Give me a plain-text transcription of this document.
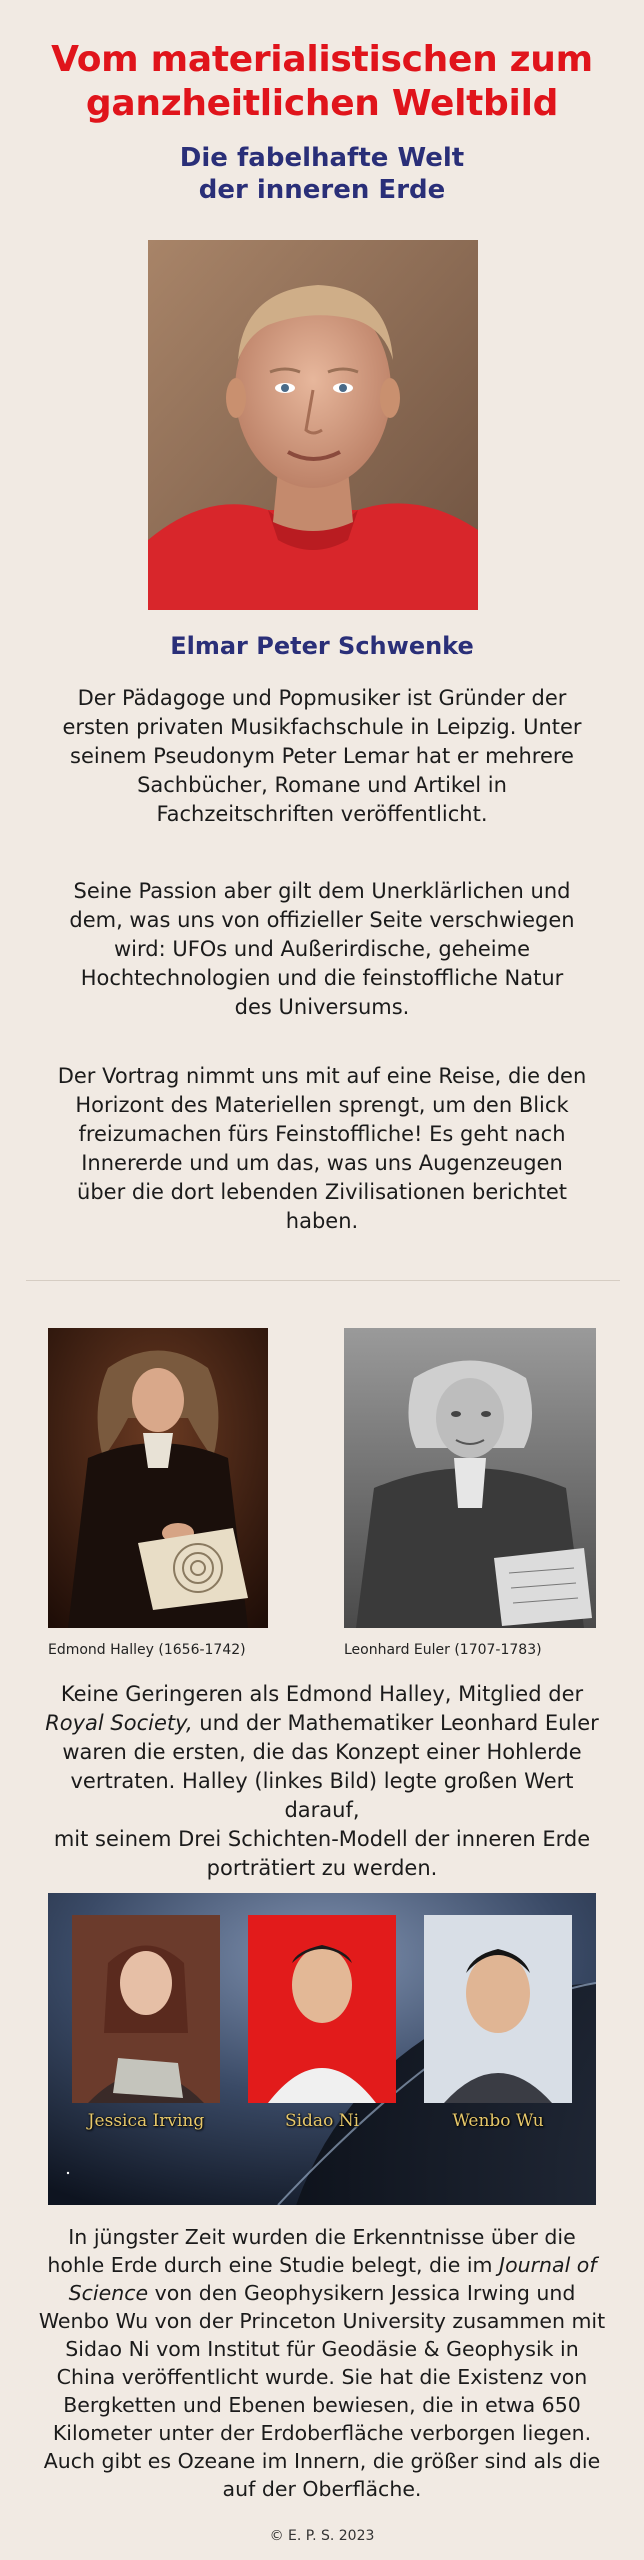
Vom materialistischen zum
ganzheitlichen Weltbild
Die fabelhafte Welt
der inneren Erde
Elmar Peter Schwenke
Der Pädagoge und Popmusiker ist Gründer der
ersten privaten Musikfachschule in Leipzig. Unter
seinem Pseudonym Peter Lemar hat er mehrere
Sachbücher, Romane und Artikel in
Fachzeitschriften veröffentlicht.
Seine Passion aber gilt dem Unerklärlichen und
dem, was uns von offizieller Seite verschwiegen
wird: UFOs und Außerirdische, geheime
Hochtechnologien und die feinstoffliche Natur
des Universums.
Der Vortrag nimmt uns mit auf eine Reise, die den
Horizont des Materiellen sprengt, um den Blick
freizumachen fürs Feinstoffliche! Es geht nach
Innererde und um das, was uns Augenzeugen
über die dort lebenden Zivilisationen berichtet
haben.
Edmond Halley (1656-1742)	Leonhard Euler (1707-1783)
Keine Geringeren als Edmond Halley, Mitglied der
Royal Society, und der Mathematiker Leonhard Euler
waren die ersten, die das Konzept einer Hohlerde
vertraten. Halley (linkes Bild) legte großen Wert darauf,
mit seinem Drei Schichten-Modell der inneren Erde
porträtiert zu werden.
Jessica Irving	Sidao Ni	Wenbo Wu
In jüngster Zeit wurden die Erkenntnisse über die
hohle Erde durch eine Studie belegt, die im Journal of
Science von den Geophysikern Jessica Irwing und
Wenbo Wu von der Princeton University zusammen mit
Sidao Ni vom Institut für Geodäsie & Geophysik in
China veröffentlicht wurde. Sie hat die Existenz von
Bergketten und Ebenen bewiesen, die in etwa 650
Kilometer unter der Erdoberfläche verborgen liegen.
Auch gibt es Ozeane im Innern, die größer sind als die
auf der Oberfläche.
© E. P. S. 2023
